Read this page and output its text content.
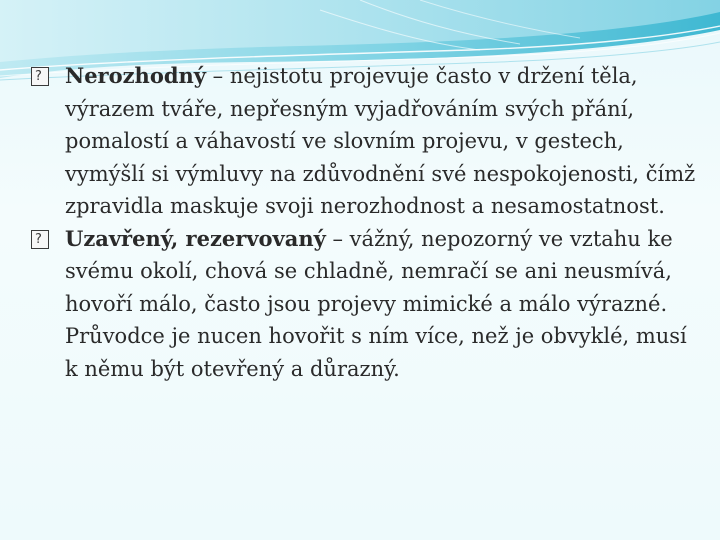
?
Nerozhodný – nejistotu projevuje často v držení těla, výrazem tváře, nepřesným vyjadřováním svých přání, pomalostí a váhavostí ve slovním projevu, v gestech, vymýšlí si výmluvy na zdůvodnění své nespokojenosti, čímž zpravidla maskuje svoji nerozhodnost a nesamostatnost.

?
Uzavřený, rezervovaný – vážný, nepozorný ve vztahu ke svému okolí, chová se chladně, nemračí se ani neusmívá, hovoří málo, často jsou projevy mimické a málo výrazné. Průvodce je nucen hovořit s ním více, než je obvyklé, musí k němu být otevřený a důrazný.
